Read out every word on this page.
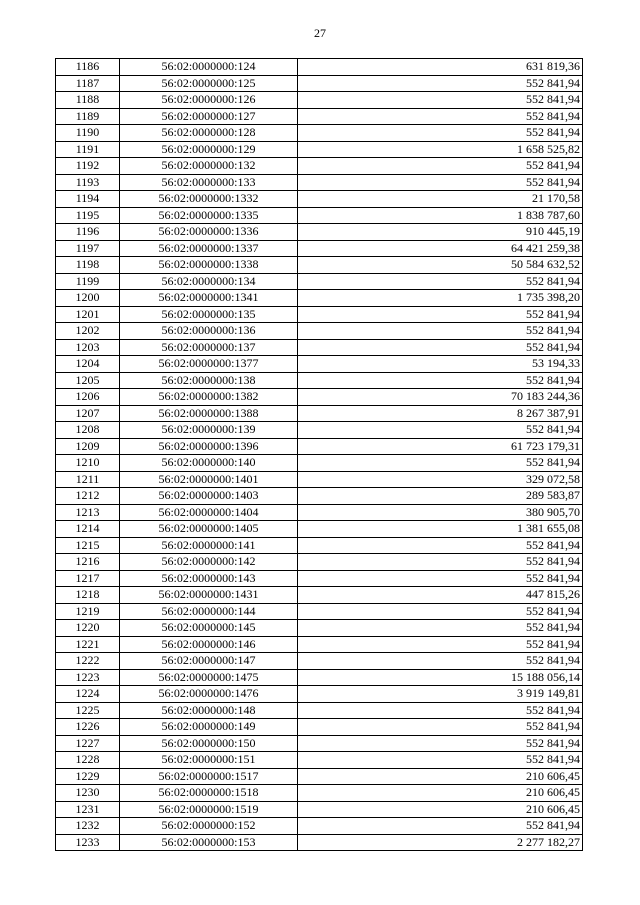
27
1186	56:02:0000000:124	631 819,36
1187	56:02:0000000:125	552 841,94
1188	56:02:0000000:126	552 841,94
1189	56:02:0000000:127	552 841,94
1190	56:02:0000000:128	552 841,94
1191	56:02:0000000:129	1 658 525,82
1192	56:02:0000000:132	552 841,94
1193	56:02:0000000:133	552 841,94
1194	56:02:0000000:1332	21 170,58
1195	56:02:0000000:1335	1 838 787,60
1196	56:02:0000000:1336	910 445,19
1197	56:02:0000000:1337	64 421 259,38
1198	56:02:0000000:1338	50 584 632,52
1199	56:02:0000000:134	552 841,94
1200	56:02:0000000:1341	1 735 398,20
1201	56:02:0000000:135	552 841,94
1202	56:02:0000000:136	552 841,94
1203	56:02:0000000:137	552 841,94
1204	56:02:0000000:1377	53 194,33
1205	56:02:0000000:138	552 841,94
1206	56:02:0000000:1382	70 183 244,36
1207	56:02:0000000:1388	8 267 387,91
1208	56:02:0000000:139	552 841,94
1209	56:02:0000000:1396	61 723 179,31
1210	56:02:0000000:140	552 841,94
1211	56:02:0000000:1401	329 072,58
1212	56:02:0000000:1403	289 583,87
1213	56:02:0000000:1404	380 905,70
1214	56:02:0000000:1405	1 381 655,08
1215	56:02:0000000:141	552 841,94
1216	56:02:0000000:142	552 841,94
1217	56:02:0000000:143	552 841,94
1218	56:02:0000000:1431	447 815,26
1219	56:02:0000000:144	552 841,94
1220	56:02:0000000:145	552 841,94
1221	56:02:0000000:146	552 841,94
1222	56:02:0000000:147	552 841,94
1223	56:02:0000000:1475	15 188 056,14
1224	56:02:0000000:1476	3 919 149,81
1225	56:02:0000000:148	552 841,94
1226	56:02:0000000:149	552 841,94
1227	56:02:0000000:150	552 841,94
1228	56:02:0000000:151	552 841,94
1229	56:02:0000000:1517	210 606,45
1230	56:02:0000000:1518	210 606,45
1231	56:02:0000000:1519	210 606,45
1232	56:02:0000000:152	552 841,94
1233	56:02:0000000:153	2 277 182,27
